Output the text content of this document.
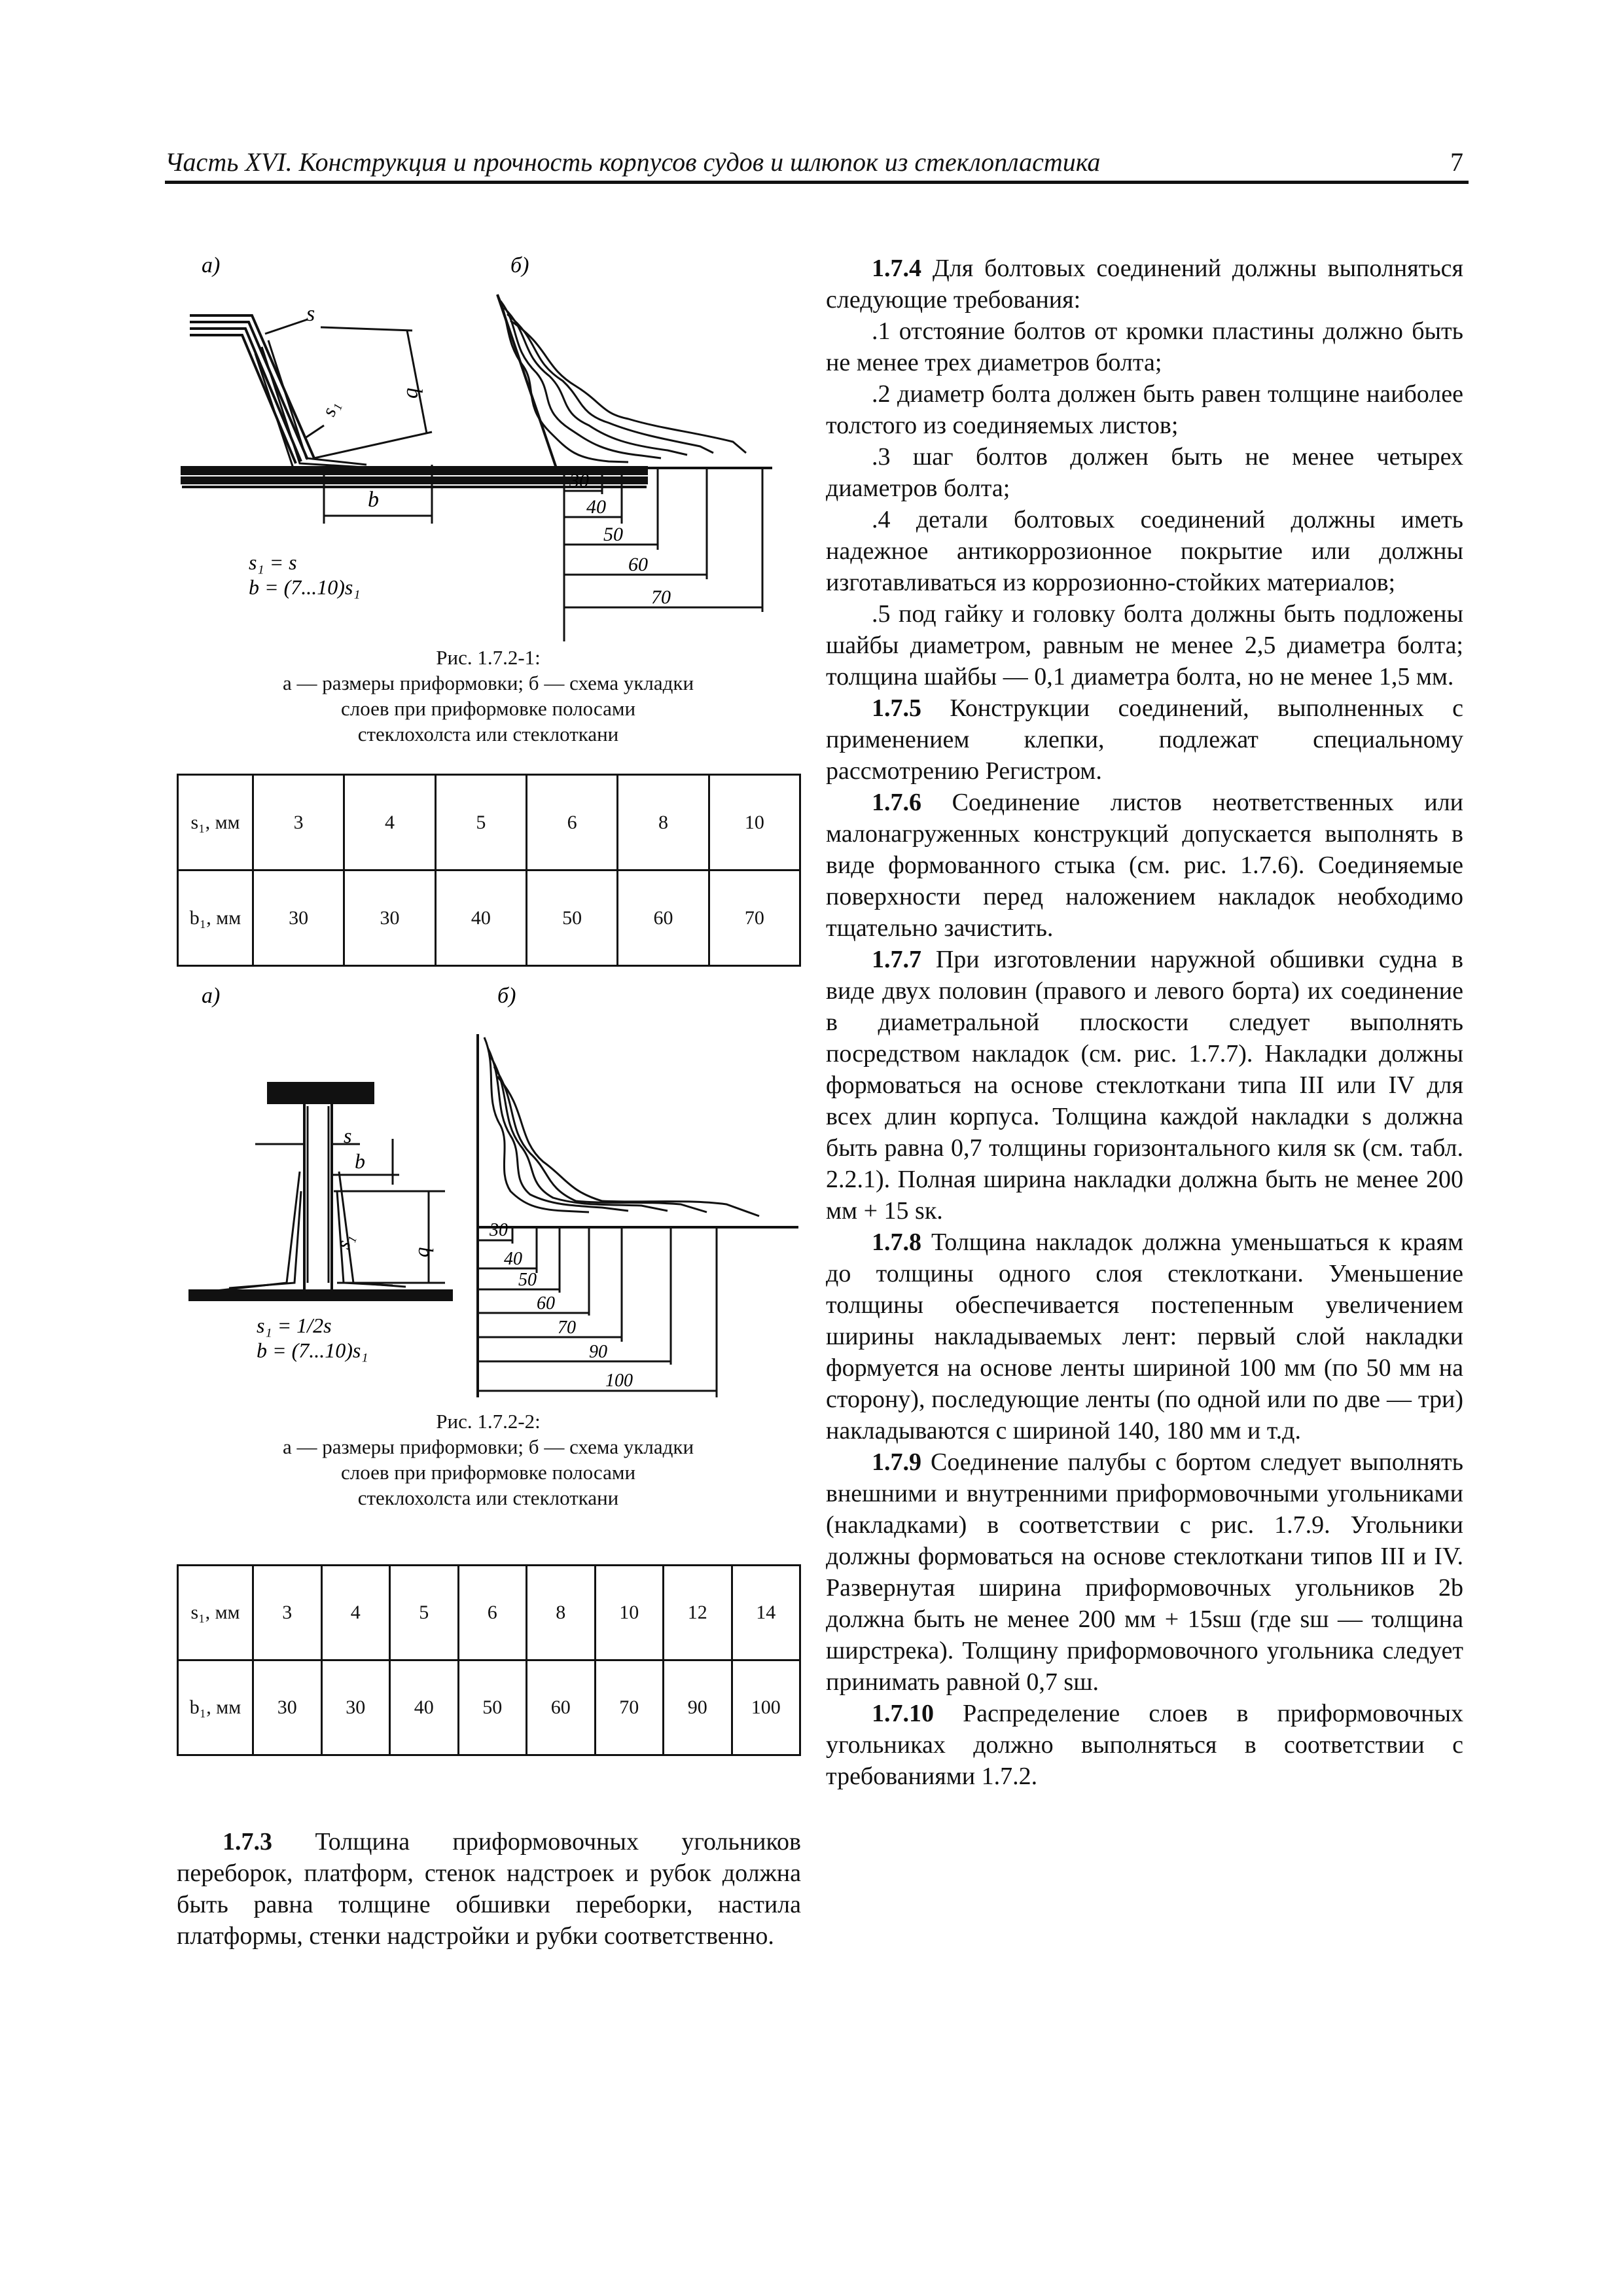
Часть XVI. Конструкция и прочность корпусов судов и шлюпок из стеклопластика	7
а)	б)
s
s₁
b
b
s₁ = s
b = (7...10)s₁
30
40
50
60
70
Рис. 1.7.2-1:
а — размеры приформовки; б — схема укладки
слоев при приформовке полосами
стеклохолста или стеклоткани
s₁, мм	3	4	5	6	8	10
b₁, мм	30	30	40	50	60	70
а)	б)
s
b
s₁
b
s₁ = 1/2s
b = (7...10)s₁
30
40
50
60
70
90
100
Рис. 1.7.2-2:
а — размеры приформовки; б — схема укладки
слоев при приформовке полосами
стеклохолста или стеклоткани
s₁, мм	3	4	5	6	8	10	12	14
b₁, мм	30	30	40	50	60	70	90	100

1.7.3 Толщина приформовочных угольников переборок, платформ, стенок надстроек и рубок должна быть равна толщине обшивки переборки, настила платформы, стенки надстройки и рубки соответственно.

1.7.4 Для болтовых соединений должны выполняться следующие требования:

.1 отстояние болтов от кромки пластины должно быть не менее трех диаметров болта;

.2 диаметр болта должен быть равен толщине наиболее толстого из соединяемых листов;

.3 шаг болтов должен быть не менее четырех диаметров болта;

.4 детали болтовых соединений должны иметь надежное антикоррозионное покрытие или должны изготавливаться из коррозионно-стойких материалов;

.5 под гайку и головку болта должны быть подложены шайбы диаметром, равным не менее 2,5 диаметра болта; толщина шайбы — 0,1 диаметра болта, но не менее 1,5 мм.

1.7.5 Конструкции соединений, выполненных с применением клепки, подлежат специальному рассмотрению Регистром.

1.7.6 Соединение листов неответственных или малонагруженных конструкций допускается выполнять в виде формованного стыка (см. рис. 1.7.6). Соединяемые поверхности перед наложением накладок необходимо тщательно зачистить.

1.7.7 При изготовлении наружной обшивки судна в виде двух половин (правого и левого борта) их соединение в диаметральной плоскости следует выполнять посредством накладок (см. рис. 1.7.7). Накладки должны формоваться на основе стеклоткани типа III или IV для всех длин корпуса. Толщина каждой накладки s должна быть равна 0,7 толщины горизонтального киля sк (см. табл. 2.2.1). Полная ширина накладки должна быть не менее 200 мм + 15 sк.

1.7.8 Толщина накладок должна уменьшаться к краям до толщины одного слоя стеклоткани. Уменьшение толщины обеспечивается постепенным увеличением ширины накладываемых лент: первый слой накладки формуется на основе ленты шириной 100 мм (по 50 мм на сторону), последующие ленты (по одной или по две — три) накладываются с шириной 140, 180 мм и т.д.

1.7.9 Соединение палубы с бортом следует выполнять внешними и внутренними приформовочными угольниками (накладками) в соответствии с рис. 1.7.9. Угольники должны формоваться на основе стеклоткани типов III и IV. Развернутая ширина приформовочных угольников 2b должна быть не менее 200 мм + 15sш (где sш — толщина ширстрека). Толщину приформовочного угольника следует принимать равной 0,7 sш.

1.7.10 Распределение слоев в приформовочных угольниках должно выполняться в соответствии с требованиями 1.7.2.
